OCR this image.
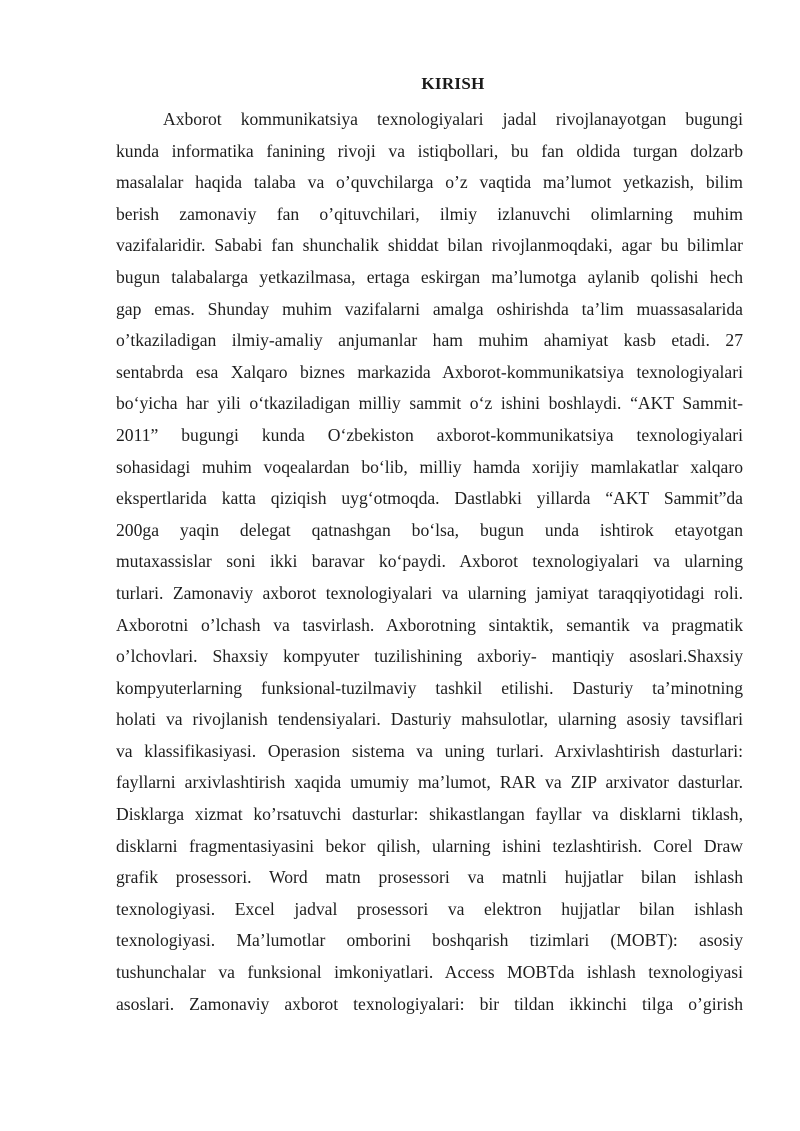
KIRISH
Axborot kommunikatsiya texnologiyalari jadal rivojlanayotgan bugungi
kunda informatika fanining rivoji va istiqbollari, bu fan oldida turgan dolzarb
masalalar haqida talaba va o’quvchilarga o’z vaqtida ma’lumot yetkazish, bilim
berish zamonaviy fan o’qituvchilari, ilmiy izlanuvchi olimlarning muhim
vazifalaridir. Sababi fan shunchalik shiddat bilan rivojlanmoqdaki, agar bu bilimlar
bugun talabalarga yetkazilmasa, ertaga eskirgan ma’lumotga aylanib qolishi hech
gap emas. Shunday muhim vazifalarni amalga oshirishda ta’lim muassasalarida
o’tkaziladigan ilmiy-amaliy anjumanlar ham muhim ahamiyat kasb etadi. 27
sentabrda esa Xalqaro biznes markazida Axborot-kommunikatsiya texnologiyalari
bo‘yicha har yili o‘tkaziladigan milliy sammit o‘z ishini boshlaydi. “AKT Sammit-
2011” bugungi kunda O‘zbekiston axborot-kommunikatsiya texnologiyalari
sohasidagi muhim voqealardan bo‘lib, milliy hamda xorijiy mamlakatlar xalqaro
ekspertlarida katta qiziqish uyg‘otmoqda. Dastlabki yillarda “AKT Sammit”da
200ga yaqin delegat qatnashgan bo‘lsa, bugun unda ishtirok etayotgan
mutaxassislar soni ikki baravar ko‘paydi. Axborot texnologiyalari va ularning
turlari. Zamonaviy axborot texnologiyalari va ularning jamiyat taraqqiyotidagi roli.
Axborotni o’lchash va tasvirlash. Axborotning sintaktik, semantik va pragmatik
o’lchovlari. Shaxsiy kompyuter tuzilishining axboriy- mantiqiy asoslari.Shaxsiy
kompyuterlarning funksional-tuzilmaviy tashkil etilishi. Dasturiy ta’minotning
holati va rivojlanish tendensiyalari. Dasturiy mahsulotlar, ularning asosiy tavsiflari
va klassifikasiyasi. Operasion sistema va uning turlari. Arxivlashtirish dasturlari:
fayllarni arxivlashtirish xaqida umumiy ma’lumot, RAR va ZIP arxivator dasturlar.
Disklarga xizmat ko’rsatuvchi dasturlar: shikastlangan fayllar va disklarni tiklash,
disklarni fragmentasiyasini bekor qilish, ularning ishini tezlashtirish. Corel Draw
grafik prosessori. Word matn prosessori va matnli hujjatlar bilan ishlash
texnologiyasi. Excel jadval prosessori va elektron hujjatlar bilan ishlash
texnologiyasi. Ma’lumotlar omborini boshqarish tizimlari (MOBT): asosiy
tushunchalar va funksional imkoniyatlari. Access MOBTda ishlash texnologiyasi
asoslari. Zamonaviy axborot texnologiyalari: bir tildan ikkinchi tilga o’girish
